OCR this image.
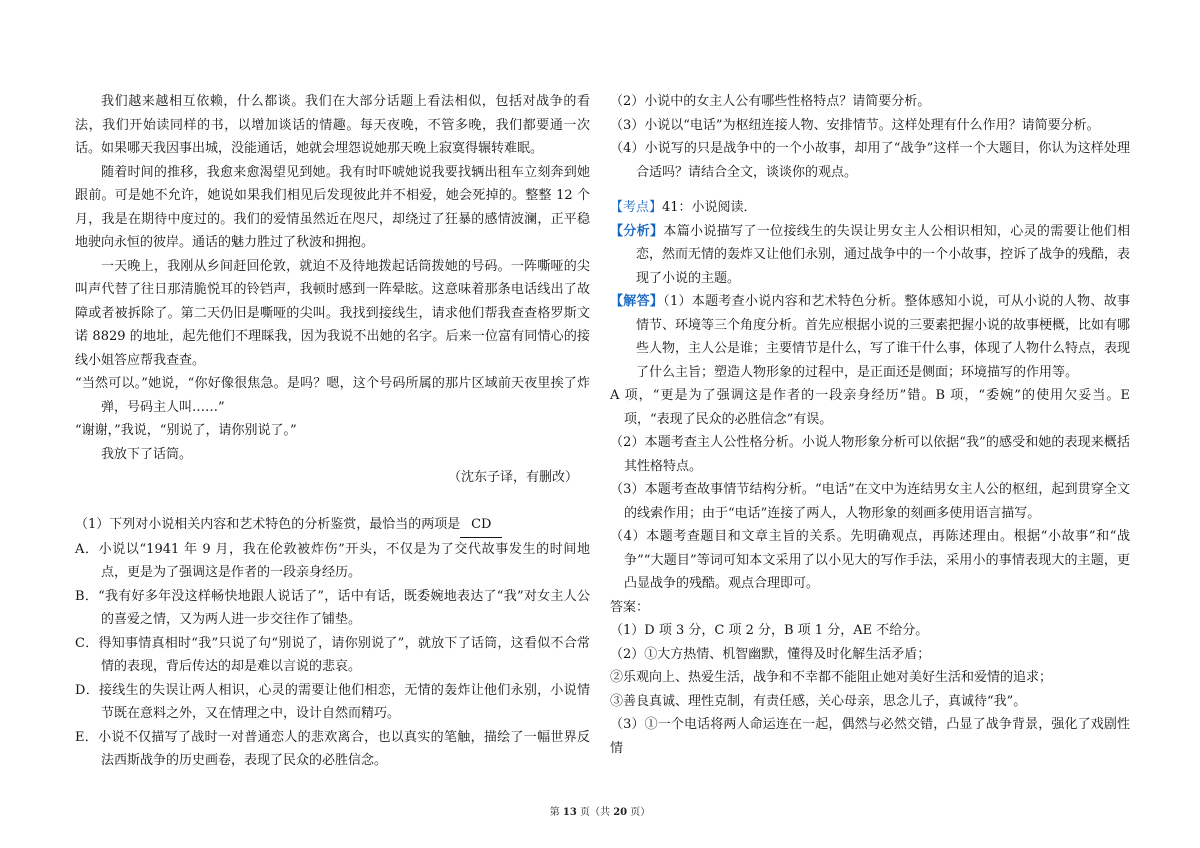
我们越来越相互依赖，什么都谈。我们在大部分话题上看法相似，包括对战争的看法，我们开始读同样的书，以增加谈话的情趣。每天夜晚，不管多晚，我们都要通一次话。如果哪天我因事出城，没能通话，她就会埋怨说她那天晚上寂寞得辗转难眠。

随着时间的推移，我愈来愈渴望见到她。我有时吓唬她说我要找辆出租车立刻奔到她跟前。可是她不允许，她说如果我们相见后发现彼此并不相爱，她会死掉的。整整 12 个月，我是在期待中度过的。我们的爱情虽然近在咫尺，却绕过了狂暴的感情波澜，正平稳地驶向永恒的彼岸。通话的魅力胜过了秋波和拥抱。

一天晚上，我刚从乡间赶回伦敦，就迫不及待地拨起话筒拨她的号码。一阵嘶哑的尖叫声代替了往日那清脆悦耳的铃铛声，我顿时感到一阵晕眩。这意味着那条电话线出了故障或者被拆除了。第二天仍旧是嘶哑的尖叫。我找到接线生，请求他们帮我查查格罗斯文诺 8829 的地址，起先他们不理睬我，因为我说不出她的名字。后来一位富有同情心的接线小姐答应帮我查查。

“当然可以。”她说，“你好像很焦急。是吗？嗯，这个号码所属的那片区域前天夜里挨了炸弹，号码主人叫……”

“谢谢，”我说，“别说了，请你别说了。”

我放下了话筒。

（沈东子译，有删改）

（1）下列对小说相关内容和艺术特色的分析鉴赏，最恰当的两项是 CD

A．小说以“1941 年 9 月，我在伦敦被炸伤”开头，不仅是为了交代故事发生的时间地点，更是为了强调这是作者的一段亲身经历。

B．“我有好多年没这样畅快地跟人说话了”，话中有话，既委婉地表达了“我”对女主人公的喜爱之情，又为两人进一步交往作了铺垫。

C．得知事情真相时“我”只说了句“别说了，请你别说了”，就放下了话筒，这看似不合常情的表现，背后传达的却是难以言说的悲哀。

D．接线生的失误让两人相识，心灵的需要让他们相恋，无情的轰炸让他们永别，小说情节既在意料之外，又在情理之中，设计自然而精巧。

E．小说不仅描写了战时一对普通恋人的悲欢离合，也以真实的笔触，描绘了一幅世界反法西斯战争的历史画卷，表现了民众的必胜信念。

（2）小说中的女主人公有哪些性格特点？请简要分析。

（3）小说以“电话”为枢纽连接人物、安排情节。这样处理有什么作用？请简要分析。

（4）小说写的只是战争中的一个小故事，却用了“战争”这样一个大题目，你认为这样处理合适吗？请结合全文，谈谈你的观点。

【考点】41：小说阅读．

【分析】本篇小说描写了一位接线生的失误让男女主人公相识相知，心灵的需要让他们相恋，然而无情的轰炸又让他们永别，通过战争中的一个小故事，控诉了战争的残酷，表现了小说的主题。

【解答】（1）本题考查小说内容和艺术特色分析。整体感知小说，可从小说的人物、故事情节、环境等三个角度分析。首先应根据小说的三要素把握小说的故事梗概，比如有哪些人物，主人公是谁；主要情节是什么，写了谁干什么事，体现了人物什么特点，表现了什么主旨；塑造人物形象的过程中，是正面还是侧面；环境描写的作用等。

A 项，“更是为了强调这是作者的一段亲身经历”错。B 项，“委婉”的使用欠妥当。E 项，“表现了民众的必胜信念”有误。

（2）本题考查主人公性格分析。小说人物形象分析可以依据“我”的感受和她的表现来概括其性格特点。

（3）本题考查故事情节结构分析。“电话”在文中为连结男女主人公的枢纽，起到贯穿全文的线索作用；由于“电话”连接了两人，人物形象的刻画多使用语言描写。

（4）本题考查题目和文章主旨的关系。先明确观点，再陈述理由。根据“小故事”和“战争”“大题目”等词可知本文采用了以小见大的写作手法，采用小的事情表现大的主题，更凸显战争的残酷。观点合理即可。

答案：

（1）D 项 3 分，C 项 2 分，B 项 1 分，AE 不给分。

（2）①大方热情、机智幽默，懂得及时化解生活矛盾；

②乐观向上、热爱生活，战争和不幸都不能阻止她对美好生活和爱情的追求；

③善良真诚、理性克制，有责任感，关心母亲，思念儿子，真诚待“我”。

（3）①一个电话将两人命运连在一起，偶然与必然交错，凸显了战争背景，强化了戏剧性情

第 13 页（共 20 页）
